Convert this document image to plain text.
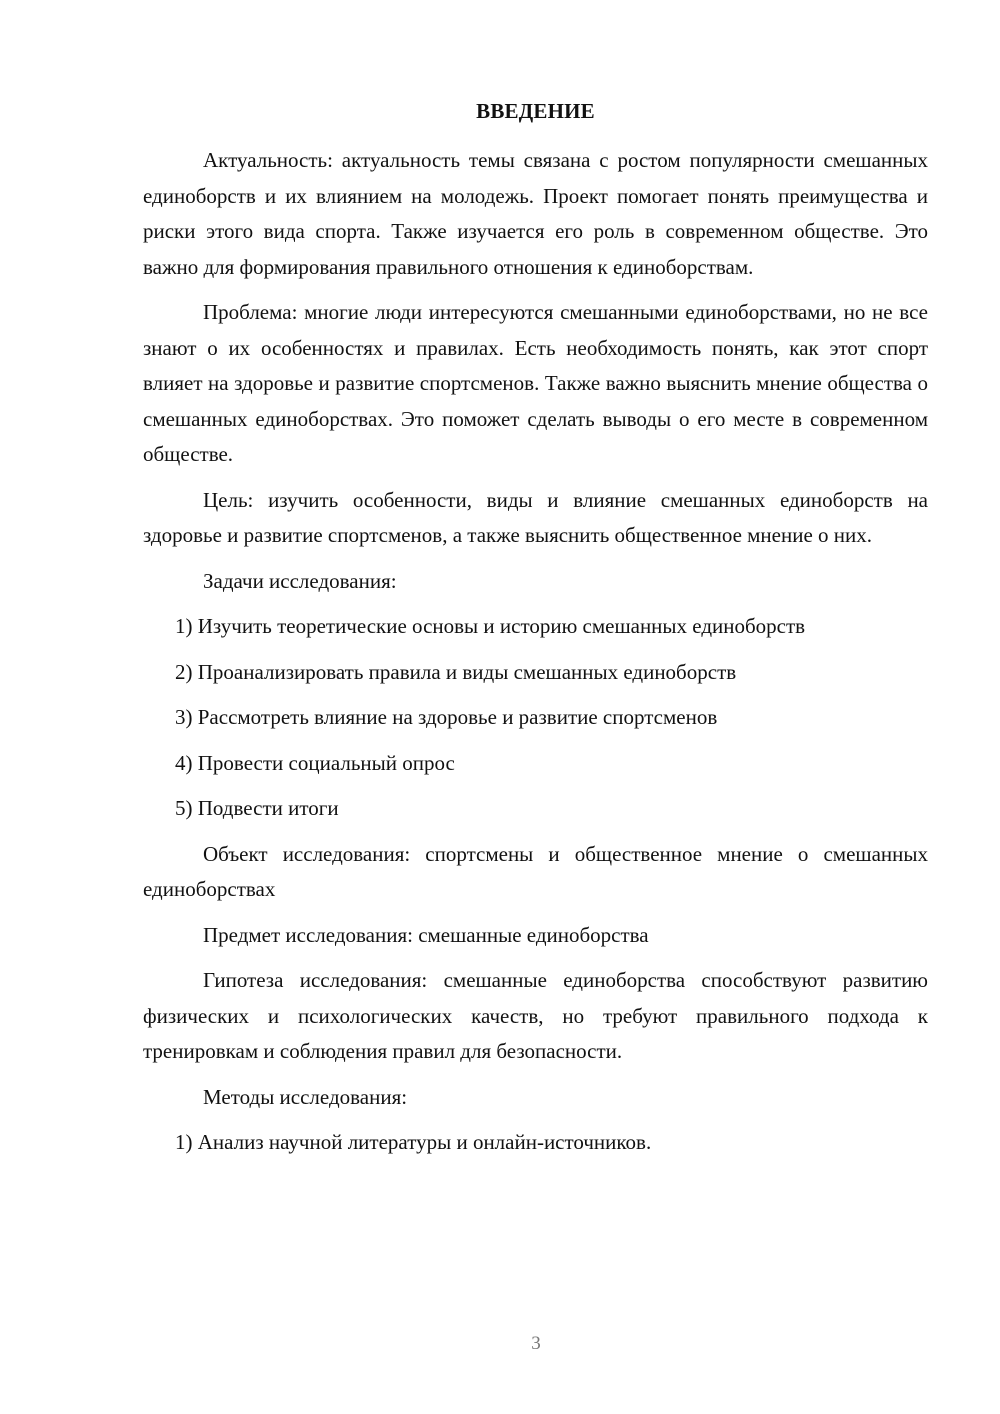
ВВЕДЕНИЕ

Актуальность: актуальность темы связана с ростом популярности смешанных единоборств и их влиянием на молодежь. Проект помогает понять преимущества и риски этого вида спорта. Также изучается его роль в современном обществе. Это важно для формирования правильного отношения к единоборствам.

Проблема: многие люди интересуются смешанными единоборствами, но не все знают о их особенностях и правилах. Есть необходимость понять, как этот спорт влияет на здоровье и развитие спортсменов. Также важно выяснить мнение общества о смешанных единоборствах. Это поможет сделать выводы о его месте в современном обществе.

Цель: изучить особенности, виды и влияние смешанных единоборств на здоровье и развитие спортсменов, а также выяснить общественное мнение о них.

Задачи исследования:

1) Изучить теоретические основы и историю смешанных единоборств

2) Проанализировать правила и виды смешанных единоборств

3) Рассмотреть влияние на здоровье и развитие спортсменов

4) Провести социальный опрос

5) Подвести итоги

Объект исследования: спортсмены и общественное мнение о смешанных единоборствах

Предмет исследования: смешанные единоборства

Гипотеза исследования: смешанные единоборства способствуют развитию физических и психологических качеств, но требуют правильного подхода к тренировкам и соблюдения правил для безопасности.

Методы исследования:

1) Анализ научной литературы и онлайн-источников.

3
